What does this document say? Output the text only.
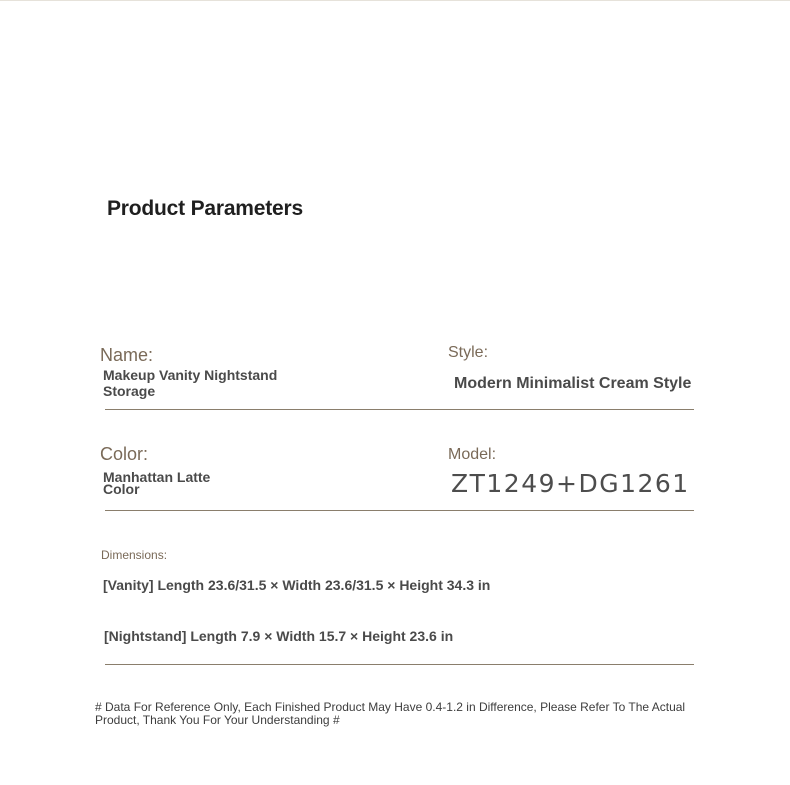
Product Parameters
Name:
Makeup Vanity Nightstand Storage
Style:
Modern Minimalist Cream Style
Color:
Manhattan Latte Color
Model:
ZT1249+DG1261
Dimensions:
[Vanity] Length 23.6/31.5 × Width 23.6/31.5 × Height 34.3 in
[Nightstand] Length 7.9 × Width 15.7 × Height 23.6 in
# Data For Reference Only, Each Finished Product May Have 0.4-1.2 in Difference, Please Refer To The Actual Product, Thank You For Your Understanding #
